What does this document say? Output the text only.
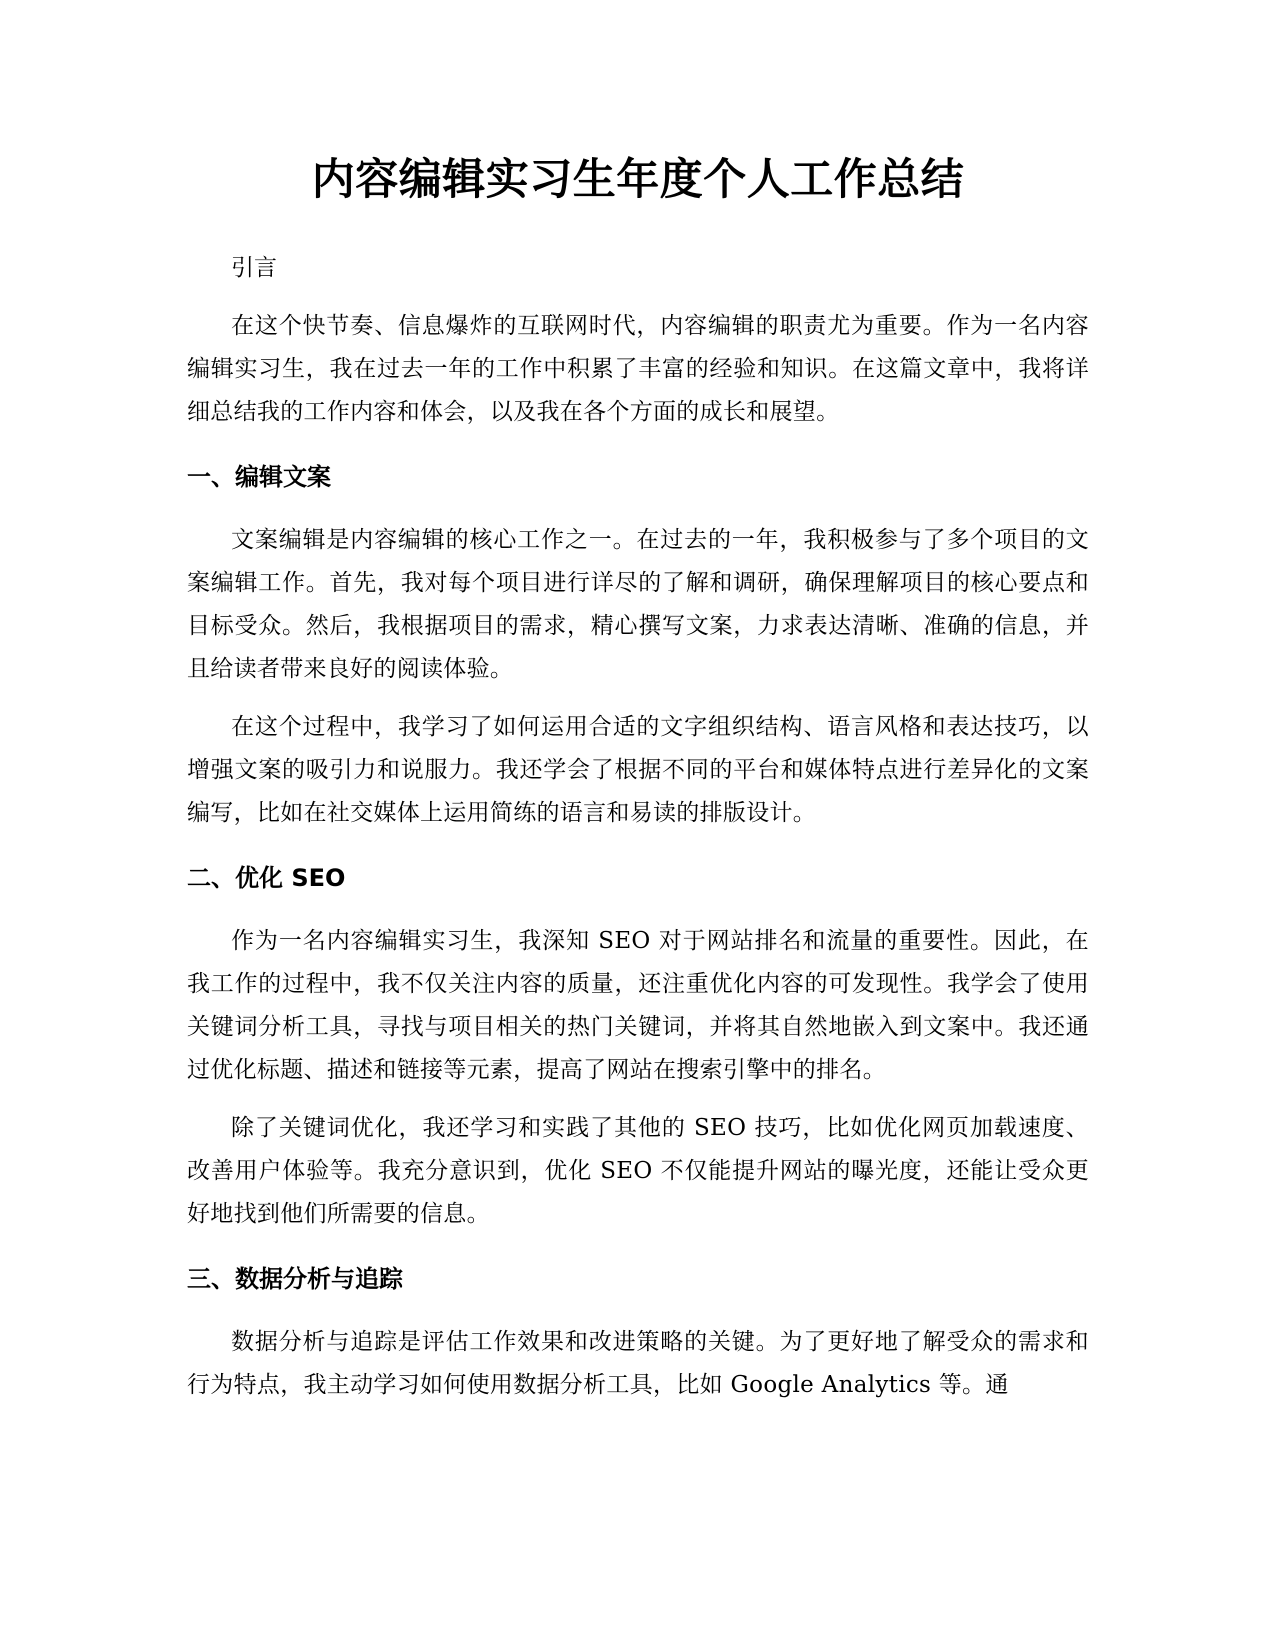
内容编辑实习生年度个人工作总结

引言

在这个快节奏、信息爆炸的互联网时代，内容编辑的职责尤为重要。作为一名内容编辑实习生，我在过去一年的工作中积累了丰富的经验和知识。在这篇文章中，我将详细总结我的工作内容和体会，以及我在各个方面的成长和展望。

一、编辑文案

文案编辑是内容编辑的核心工作之一。在过去的一年，我积极参与了多个项目的文案编辑工作。首先，我对每个项目进行详尽的了解和调研，确保理解项目的核心要点和目标受众。然后，我根据项目的需求，精心撰写文案，力求表达清晰、准确的信息，并且给读者带来良好的阅读体验。

在这个过程中，我学习了如何运用合适的文字组织结构、语言风格和表达技巧，以增强文案的吸引力和说服力。我还学会了根据不同的平台和媒体特点进行差异化的文案编写，比如在社交媒体上运用简练的语言和易读的排版设计。

二、优化 SEO

作为一名内容编辑实习生，我深知 SEO 对于网站排名和流量的重要性。因此，在我工作的过程中，我不仅关注内容的质量，还注重优化内容的可发现性。我学会了使用关键词分析工具，寻找与项目相关的热门关键词，并将其自然地嵌入到文案中。我还通过优化标题、描述和链接等元素，提高了网站在搜索引擎中的排名。

除了关键词优化，我还学习和实践了其他的 SEO 技巧，比如优化网页加载速度、改善用户体验等。我充分意识到，优化 SEO 不仅能提升网站的曝光度，还能让受众更好地找到他们所需要的信息。

三、数据分析与追踪

数据分析与追踪是评估工作效果和改进策略的关键。为了更好地了解受众的需求和行为特点，我主动学习如何使用数据分析工具，比如 Google Analytics 等。通
